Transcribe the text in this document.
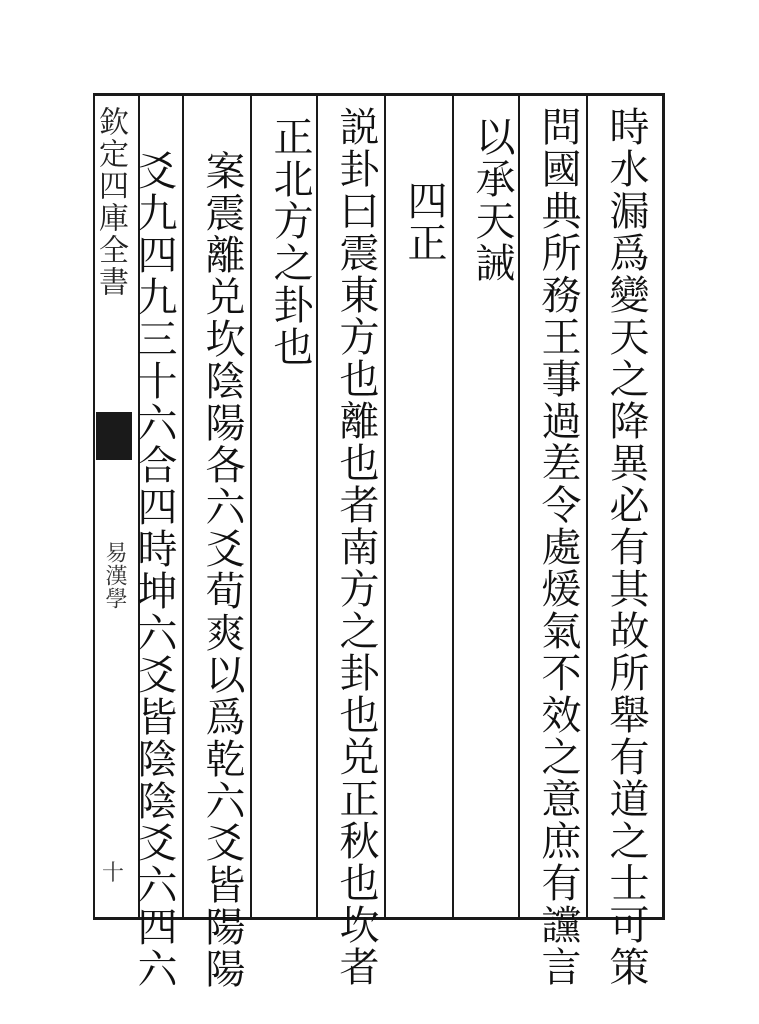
欽定四庫全書
易漢學
十	時水漏爲變天之降異必有其故所舉有道之士可策
問國典所務王事過差令處煖氣不效之意庶有讜言
以承天誡
四正
説卦曰震東方也離也者南方之卦也兑正秋也坎者
正北方之卦也
案震離兑坎陰陽各六爻荀爽以爲乾六爻皆陽陽
爻九四九三十六合四時坤六爻皆陰陰爻六四六
